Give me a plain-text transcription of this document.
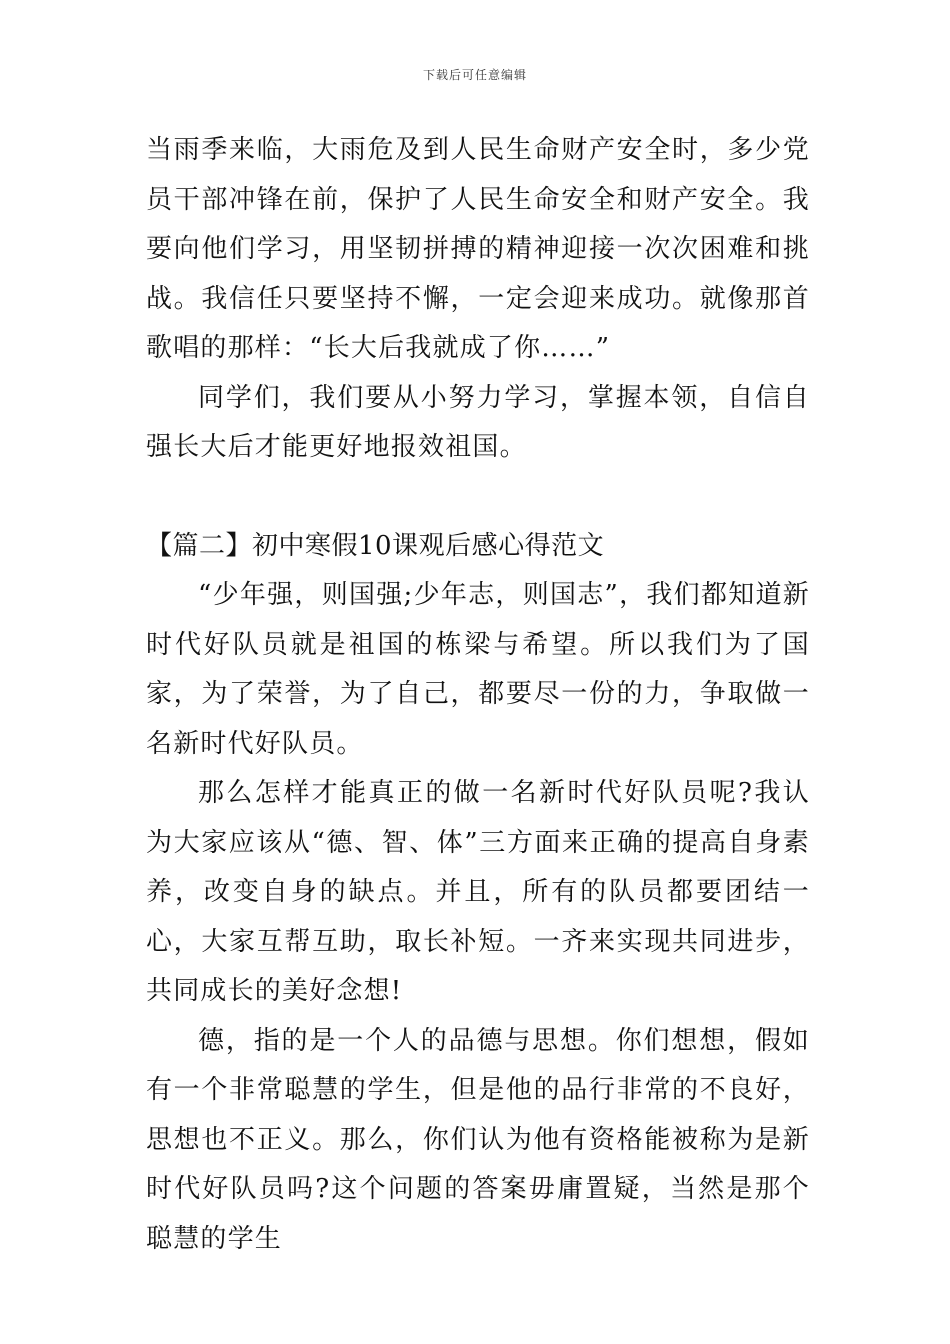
下载后可任意编辑

当雨季来临，大雨危及到人民生命财产安全时，多少党员干部冲锋在前，保护了人民生命安全和财产安全。我要向他们学习，用坚韧拼搏的精神迎接一次次困难和挑战。我信任只要坚持不懈，一定会迎来成功。就像那首歌唱的那样：“长大后我就成了你……”

同学们，我们要从小努力学习，掌握本领，自信自强长大后才能更好地报效祖国。

【篇二】初中寒假10课观后感心得范文

“少年强，则国强;少年志，则国志”，我们都知道新时代好队员就是祖国的栋梁与希望。所以我们为了国家，为了荣誉，为了自己，都要尽一份的力，争取做一名新时代好队员。

那么怎样才能真正的做一名新时代好队员呢?我认为大家应该从“德、智、体”三方面来正确的提高自身素养，改变自身的缺点。并且，所有的队员都要团结一心，大家互帮互助，取长补短。一齐来实现共同进步，共同成长的美好念想!

德，指的是一个人的品德与思想。你们想想，假如有一个非常聪慧的学生，但是他的品行非常的不良好，思想也不正义。那么，你们认为他有资格能被称为是新时代好队员吗?这个问题的答案毋庸置疑，当然是那个聪慧的学生
